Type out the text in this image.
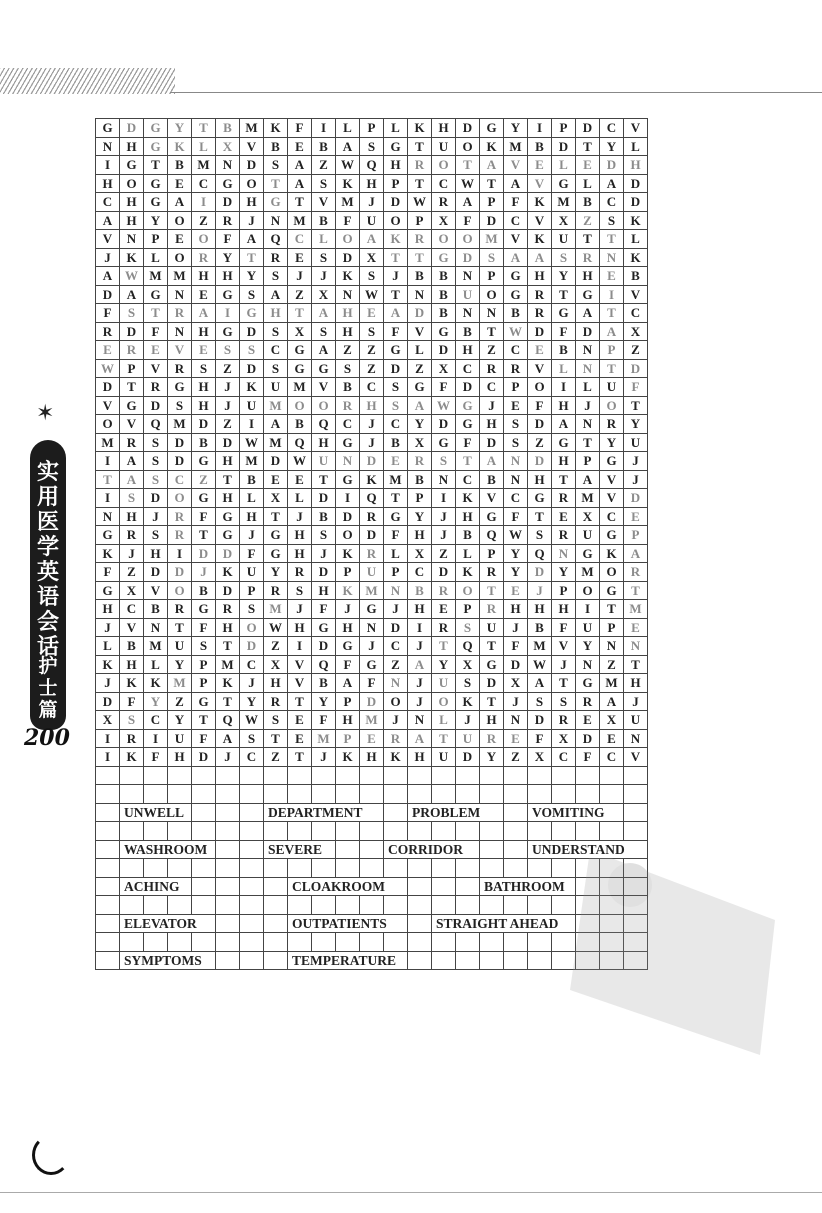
✶
实用医学英语会话
护士篇
200
G	D	G	Y	T	B	M	K	F	I	L	P	L	K	H	D	G	Y	I	P	D	C	V
N	H	G	K	L	X	V	B	E	B	A	S	G	T	U	O	K	M	B	D	T	Y	L
I	G	T	B	M	N	D	S	A	Z	W	Q	H	R	O	T	A	V	E	L	E	D	H
H	O	G	E	C	G	O	T	A	S	K	H	P	T	C	W	T	A	V	G	L	A	D
C	H	G	A	I	D	H	G	T	V	M	J	D	W	R	A	P	F	K	M	B	C	D
A	H	Y	O	Z	R	J	N	M	B	F	U	O	P	X	F	D	C	V	X	Z	S	K
V	N	P	E	O	F	A	Q	C	L	O	A	K	R	O	O	M	V	K	U	T	T	L
J	K	L	O	R	Y	T	R	E	S	D	X	T	T	G	D	S	A	A	S	R	N	K
A	W	M	M	H	H	Y	S	J	J	K	S	J	B	B	N	P	G	H	Y	H	E	B
D	A	G	N	E	G	S	A	Z	X	N	W	T	N	B	U	O	G	R	T	G	I	V
F	S	T	R	A	I	G	H	T	A	H	E	A	D	B	N	N	B	R	G	A	T	C
R	D	F	N	H	G	D	S	X	S	H	S	F	V	G	B	T	W	D	F	D	A	X
E	R	E	V	E	S	S	C	G	A	Z	Z	G	L	D	H	Z	C	E	B	N	P	Z
W	P	V	R	S	Z	D	S	G	G	S	Z	D	Z	X	C	R	R	V	L	N	T	D
D	T	R	G	H	J	K	U	M	V	B	C	S	G	F	D	C	P	O	I	L	U	F
V	G	D	S	H	J	U	M	O	O	R	H	S	A	W	G	J	E	F	H	J	O	T
O	V	Q	M	D	Z	I	A	B	Q	C	J	C	Y	D	G	H	S	D	A	N	R	Y
M	R	S	D	B	D	W	M	Q	H	G	J	B	X	G	F	D	S	Z	G	T	Y	U
I	A	S	D	G	H	M	D	W	U	N	D	E	R	S	T	A	N	D	H	P	G	J
T	A	S	C	Z	T	B	E	E	T	G	K	M	B	N	C	B	N	H	T	A	V	J
I	S	D	O	G	H	L	X	L	D	I	Q	T	P	I	K	V	C	G	R	M	V	D
N	H	J	R	F	G	H	T	J	B	D	R	G	Y	J	H	G	F	T	E	X	C	E
G	R	S	R	T	G	J	G	H	S	O	D	F	H	J	B	Q	W	S	R	U	G	P
K	J	H	I	D	D	F	G	H	J	K	R	L	X	Z	L	P	Y	Q	N	G	K	A
F	Z	D	D	J	K	U	Y	R	D	P	U	P	C	D	K	R	Y	D	Y	M	O	R
G	X	V	O	B	D	P	R	S	H	K	M	N	B	R	O	T	E	J	P	O	G	T
H	C	B	R	G	R	S	M	J	F	J	G	J	H	E	P	R	H	H	H	I	T	M
J	V	N	T	F	H	O	W	H	G	H	N	D	I	R	S	U	J	B	F	U	P	E
L	B	M	U	S	T	D	Z	I	D	G	J	C	J	T	Q	T	F	M	V	Y	N	N
K	H	L	Y	P	M	C	X	V	Q	F	G	Z	A	Y	X	G	D	W	J	N	Z	T
J	K	K	M	P	K	J	H	V	B	A	F	N	J	U	S	D	X	A	T	G	M	H
D	F	Y	Z	G	T	Y	R	T	Y	P	D	O	J	O	K	T	J	S	S	R	A	J
X	S	C	Y	T	Q	W	S	E	F	H	M	J	N	L	J	H	N	D	R	E	X	U
I	R	I	U	F	A	S	T	E	M	P	E	R	A	T	U	R	E	F	X	D	E	N
I	K	F	H	D	J	C	Z	T	J	K	H	K	H	U	D	Y	Z	X	C	F	C	V

	UNWELL						DEPARTMENT						PROBLEM					VOMITING				

	WASHROOM						SEVERE					CORRIDOR						UNDERSTAND				

	ACHING							CLOAKROOM								BATHROOM						

	ELEVATOR							OUTPATIENTS						STRAIGHT AHEAD								

	SYMPTOMS							TEMPERATURE														
